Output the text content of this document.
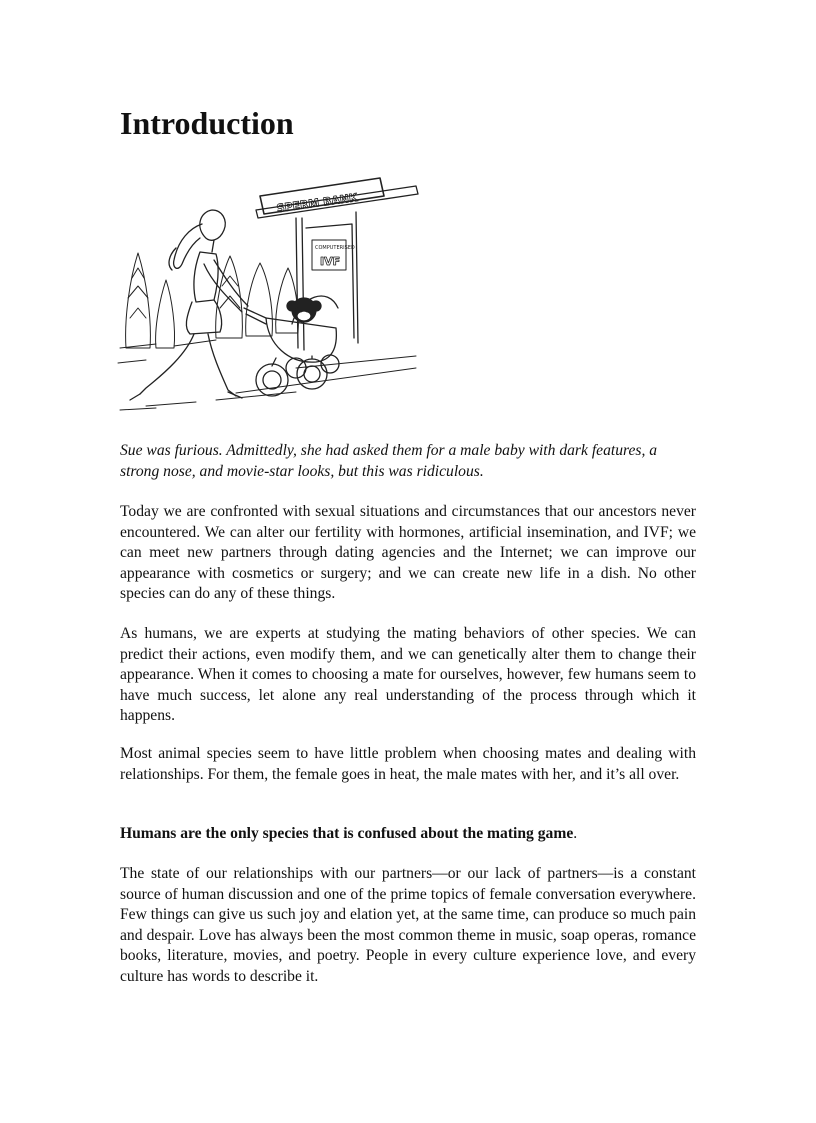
Introduction
SPERM BANK
COMPUTERISED
IVF

Sue was furious. Admittedly, she had asked them for a male baby with dark features, a strong nose, and movie-star looks, but this was ridiculous.

Today we are confronted with sexual situations and circumstances that our ancestors never encountered. We can alter our fertility with hormones, artificial insemination, and IVF; we can meet new partners through dating agencies and the Internet; we can improve our appearance with cosmetics or surgery; and we can create new life in a dish. No other species can do any of these things.

As humans, we are experts at studying the mating behaviors of other species. We can predict their actions, even modify them, and we can genetically alter them to change their appearance. When it comes to choosing a mate for ourselves, however, few humans seem to have much success, let alone any real understanding of the process through which it happens.

Most animal species seem to have little problem when choosing mates and dealing with relationships. For them, the female goes in heat, the male mates with her, and it’s all over.

Humans are the only species that is confused about the mating game.

The state of our relationships with our partners—or our lack of partners—is a constant source of human discussion and one of the prime topics of female conversation everywhere. Few things can give us such joy and elation yet, at the same time, can produce so much pain and despair. Love has always been the most common theme in music, soap operas, romance books, literature, movies, and poetry. People in every culture experience love, and every culture has words to describe it.
